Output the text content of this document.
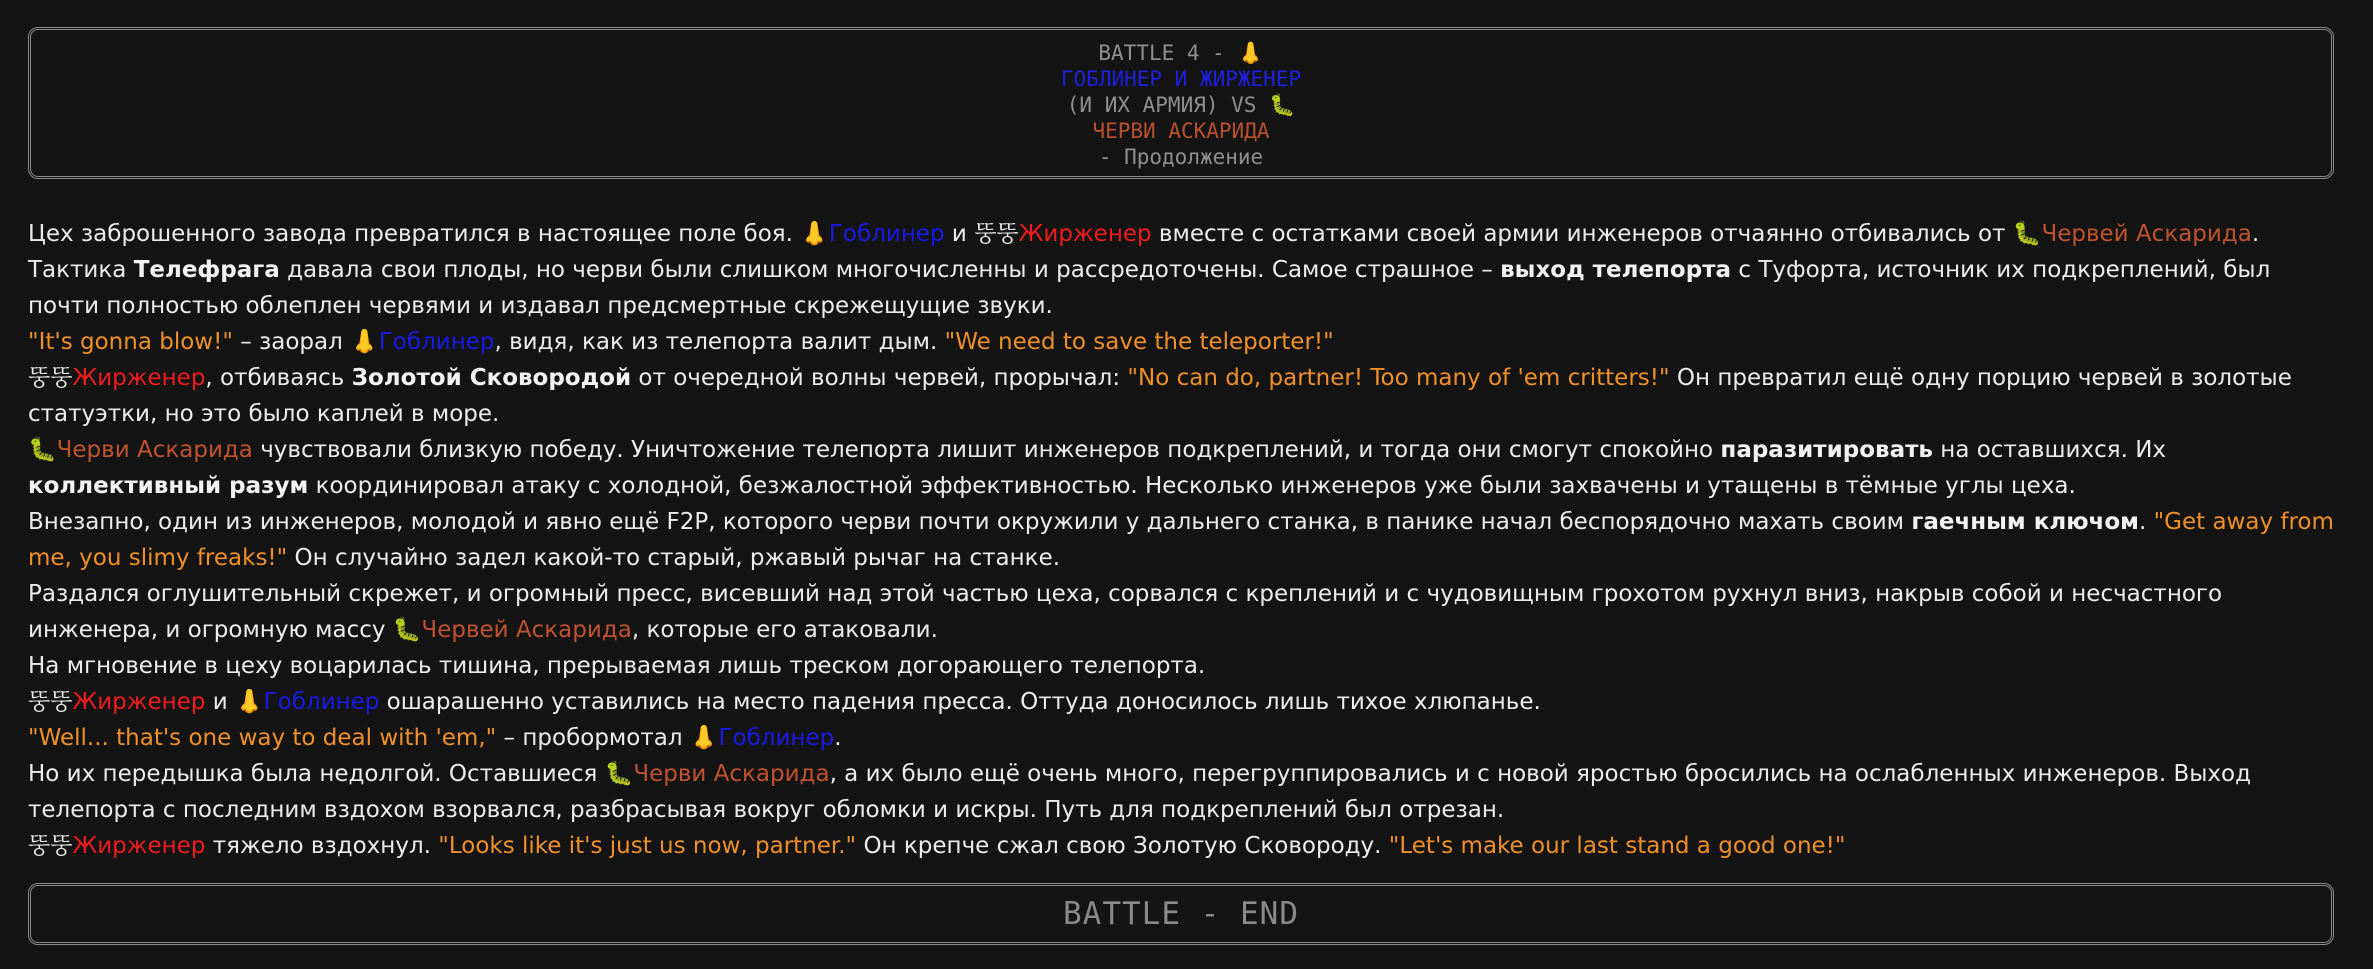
BATTLE 4 - 👃
ГОБЛИНЕР И ЖИРЖЕНЕР
(И ИХ АРМИЯ) VS 🐛
ЧЕРВИ АСКАРИДА
- Продолжение

Цех заброшенного завода превратился в настоящее поле боя. 👃Гоблинер и 뚱뚱Жирженер вместе с остатками своей армии инженеров отчаянно отбивались от 🐛Червей Аскарида. Тактика Телефрага давала свои плоды, но черви были слишком многочисленны и рассредоточены. Самое страшное – выход телепорта с Туфорта, источник их подкреплений, был почти полностью облеплен червями и издавал предсмертные скрежещущие звуки.

"It's gonna blow!" – заорал 👃Гоблинер, видя, как из телепорта валит дым. "We need to save the teleporter!"

뚱뚱Жирженер, отбиваясь Золотой Сковородой от очередной волны червей, прорычал: "No can do, partner! Too many of 'em critters!" Он превратил ещё одну порцию червей в золотые статуэтки, но это было каплей в море.

🐛Черви Аскарида чувствовали близкую победу. Уничтожение телепорта лишит инженеров подкреплений, и тогда они смогут спокойно паразитировать на оставшихся. Их коллективный разум координировал атаку с холодной, безжалостной эффективностью. Несколько инженеров уже были захвачены и утащены в тёмные углы цеха.

Внезапно, один из инженеров, молодой и явно ещё F2P, которого черви почти окружили у дальнего станка, в панике начал беспорядочно махать своим гаечным ключом. "Get away from me, you slimy freaks!" Он случайно задел какой-то старый, ржавый рычаг на станке.

Раздался оглушительный скрежет, и огромный пресс, висевший над этой частью цеха, сорвался с креплений и с чудовищным грохотом рухнул вниз, накрыв собой и несчастного инженера, и огромную массу 🐛Червей Аскарида, которые его атаковали.

На мгновение в цеху воцарилась тишина, прерываемая лишь треском догорающего телепорта.

뚱뚱Жирженер и 👃Гоблинер ошарашенно уставились на место падения пресса. Оттуда доносилось лишь тихое хлюпанье.

"Well... that's one way to deal with 'em," – пробормотал 👃Гоблинер.

Но их передышка была недолгой. Оставшиеся 🐛Черви Аскарида, а их было ещё очень много, перегруппировались и с новой яростью бросились на ослабленных инженеров. Выход телепорта с последним вздохом взорвался, разбрасывая вокруг обломки и искры. Путь для подкреплений был отрезан.

뚱뚱Жирженер тяжело вздохнул. "Looks like it's just us now, partner." Он крепче сжал свою Золотую Сковороду. "Let's make our last stand a good one!"

BATTLE - END
